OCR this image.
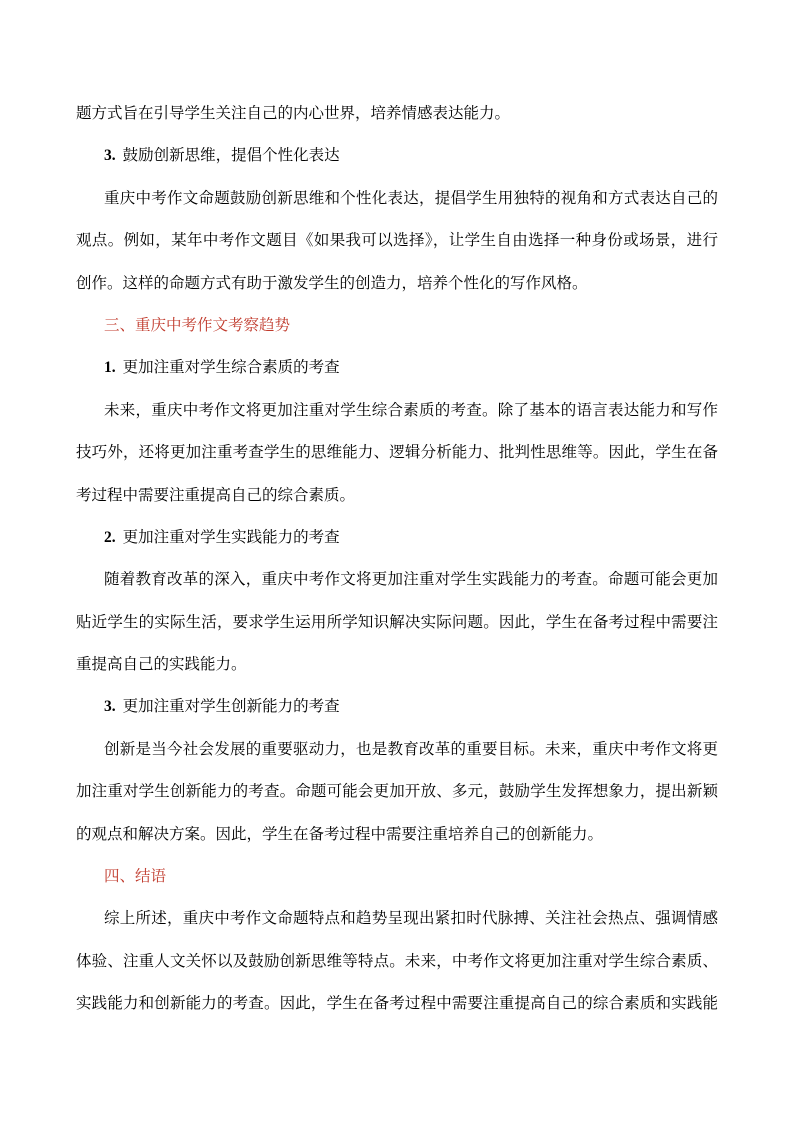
题方式旨在引导学生关注自己的内心世界，培养情感表达能力。
3. 鼓励创新思维，提倡个性化表达
重庆中考作文命题鼓励创新思维和个性化表达，提倡学生用独特的视角和方式表达自己的
观点。例如，某年中考作文题目《如果我可以选择》，让学生自由选择一种身份或场景，进行
创作。这样的命题方式有助于激发学生的创造力，培养个性化的写作风格。
三、重庆中考作文考察趋势
1. 更加注重对学生综合素质的考查
未来，重庆中考作文将更加注重对学生综合素质的考查。除了基本的语言表达能力和写作
技巧外，还将更加注重考查学生的思维能力、逻辑分析能力、批判性思维等。因此，学生在备
考过程中需要注重提高自己的综合素质。
2. 更加注重对学生实践能力的考查
随着教育改革的深入，重庆中考作文将更加注重对学生实践能力的考查。命题可能会更加
贴近学生的实际生活，要求学生运用所学知识解决实际问题。因此，学生在备考过程中需要注
重提高自己的实践能力。
3. 更加注重对学生创新能力的考查
创新是当今社会发展的重要驱动力，也是教育改革的重要目标。未来，重庆中考作文将更
加注重对学生创新能力的考查。命题可能会更加开放、多元，鼓励学生发挥想象力，提出新颖
的观点和解决方案。因此，学生在备考过程中需要注重培养自己的创新能力。
四、结语
综上所述，重庆中考作文命题特点和趋势呈现出紧扣时代脉搏、关注社会热点、强调情感
体验、注重人文关怀以及鼓励创新思维等特点。未来，中考作文将更加注重对学生综合素质、
实践能力和创新能力的考查。因此，学生在备考过程中需要注重提高自己的综合素质和实践能
